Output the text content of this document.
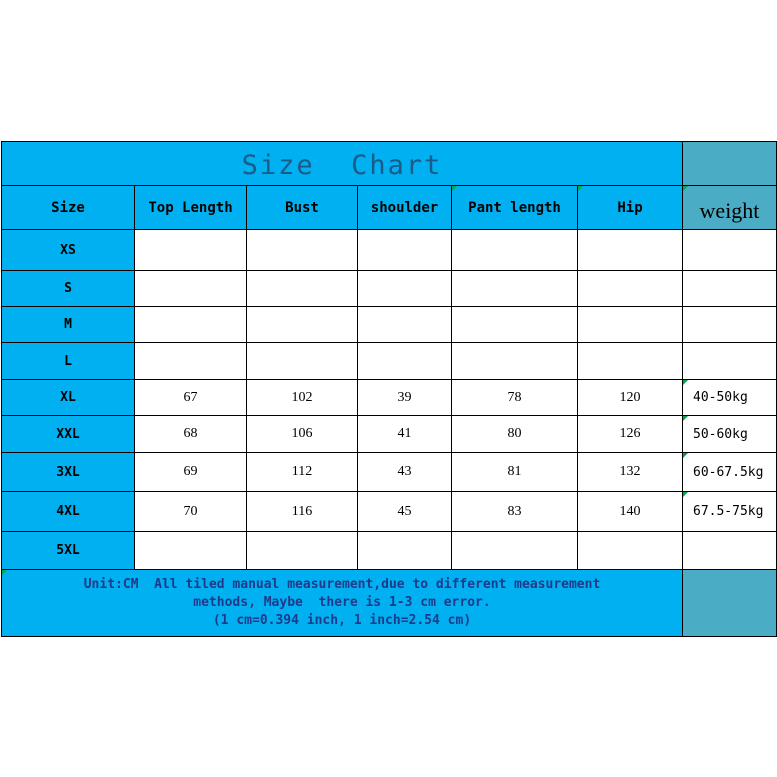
Size  Chart
Size	Top Length	Bust	shoulder	Pant length	Hip	weight
XS
S
M
L
XL	67	102	39	78	120	40-50kg
XXL	68	106	41	80	126	50-60kg
3XL	69	112	43	81	132	60-67.5kg
4XL	70	116	45	83	140	67.5-75kg
5XL
Unit:CM  All tiled manual measurement,due to different measurement
methods, Maybe  there is 1-3 cm error.
(1 cm=0.394 inch, 1 inch=2.54 cm)
